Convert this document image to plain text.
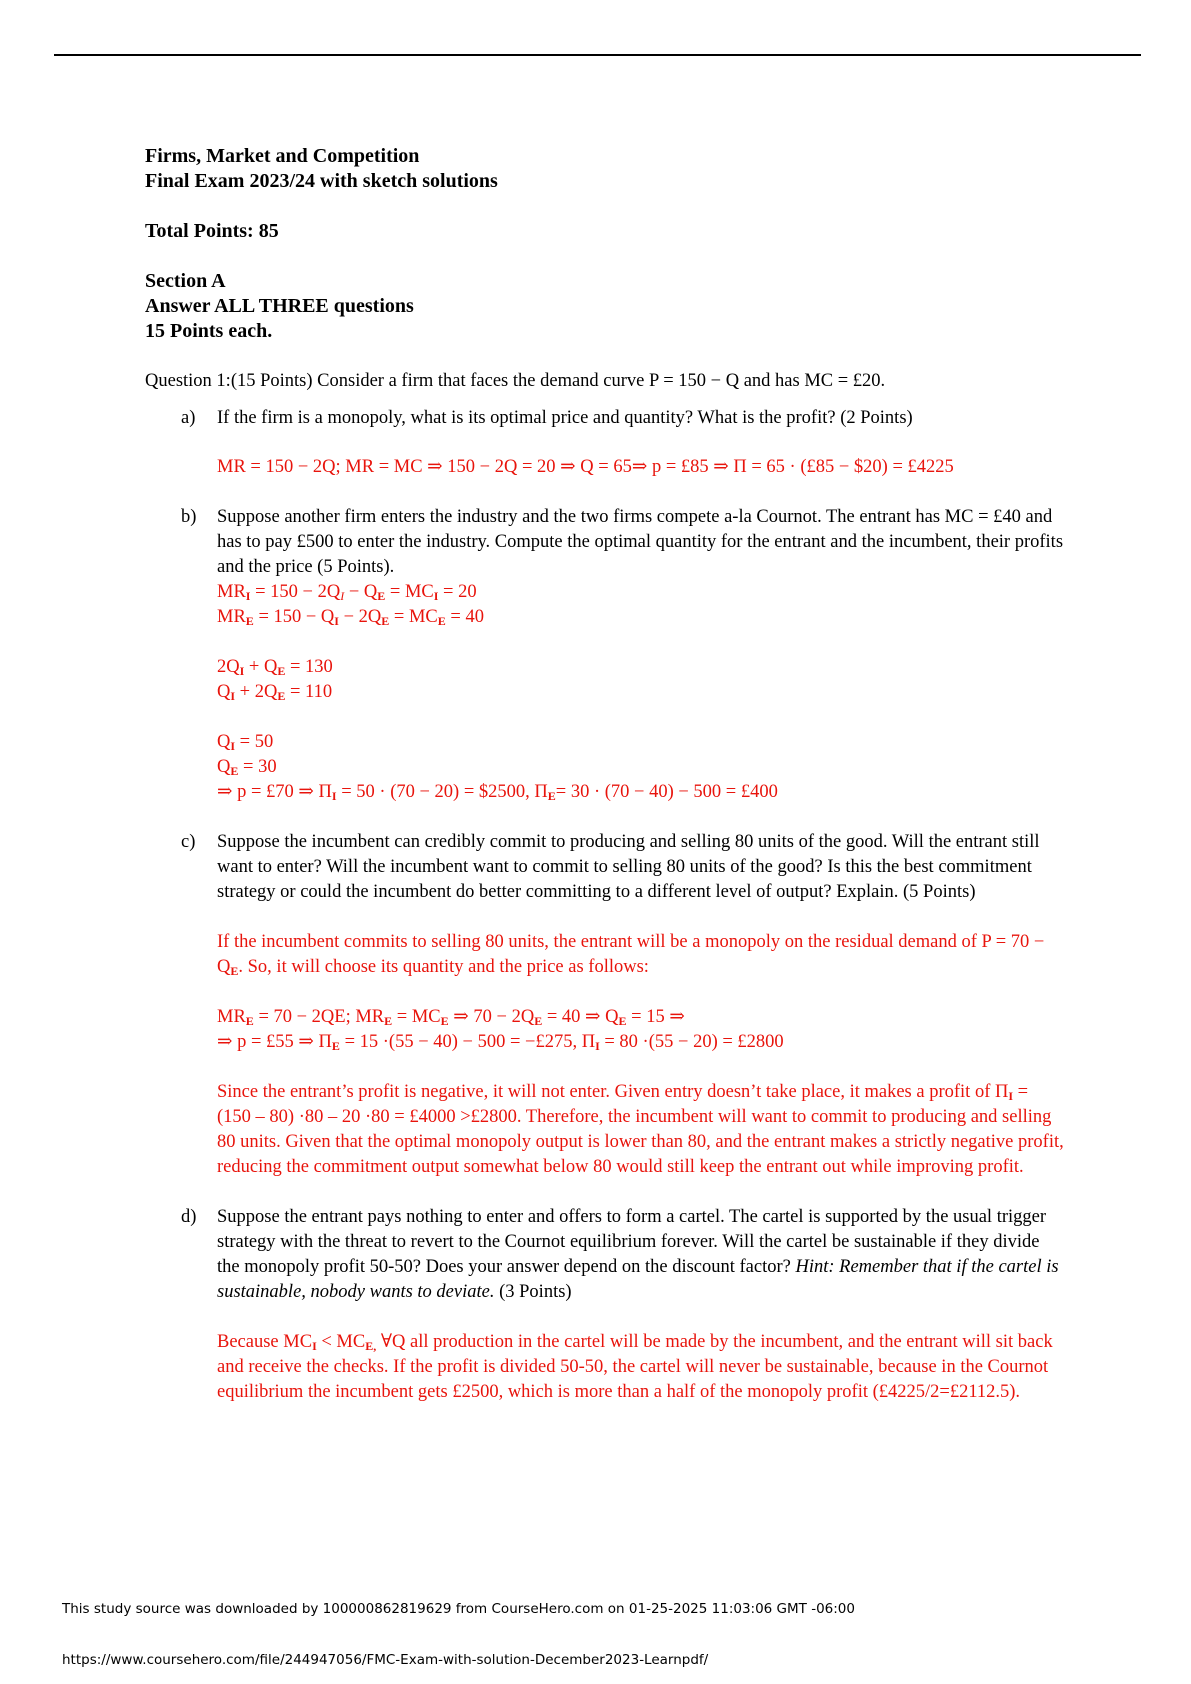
Firms, Market and Competition
Final Exam 2023/24 with sketch solutions
Total Points: 85
Section A
Answer ALL THREE questions
15 Points each.
Question 1:(15 Points) Consider a firm that faces the demand curve P = 150 − Q and has MC = £20.
a) If the firm is a monopoly, what is its optimal price and quantity? What is the profit? (2 Points)

MR = 150 − 2Q; MR = MC ⇒ 150 − 2Q = 20 ⇒ Q = 65⇒ p = £85 ⇒ Π = 65 · (£85 − $20) = £4225

b) Suppose another firm enters the industry and the two firms compete a-la Cournot. The entrant has MC = £40 and has to pay £500 to enter the industry. Compute the optimal quantity for the entrant and the incumbent, their profits and the price (5 Points).

$MR_I = 150 - 2Q_I - Q_E = MC_I = 20$

$MR_E = 150 - Q_I - 2Q_E = MC_E = 40$

$2Q_I + Q_E = 130$

$Q_I + 2Q_E = 110$

$Q_I = 50$

$Q_E = 30$

⇒ p = £70 ⇒ $\Pi_I = 50 \cdot (70 - 20)$ = $2500, $\Pi_E= 30 \cdot (70 - 40) - 500$ = £400

c) Suppose the incumbent can credibly commit to producing and selling 80 units of the good. Will the entrant still want to enter? Will the incumbent want to commit to selling 80 units of the good? Is this the best commitment strategy or could the incumbent do better committing to a different level of output? Explain. (5 Points)

If the incumbent commits to selling 80 units, the entrant will be a monopoly on the residual demand of $P = 70 - Q_E$. So, it will choose its quantity and the price as follows:

$MR_E = 70 - 2QE$; $MR_E = MC_E$ ⇒ $70 - 2Q_E = 40$ ⇒ $Q_E = 15$ ⇒

⇒ p = £55 ⇒ $\Pi_E = 15 \cdot(55 - 40) - 500$ = −£275, $\Pi_I = 80 \cdot(55 - 20)$ = £2800

Since the entrant’s profit is negative, it will not enter. Given entry doesn’t take place, it makes a profit of $\Pi_I = (150 - 80) \cdot 80 - 20 \cdot 80$ = £4000 >£2800. Therefore, the incumbent will want to commit to producing and selling 80 units. Given that the optimal monopoly output is lower than 80, and the entrant makes a strictly negative profit, reducing the commitment output somewhat below 80 would still keep the entrant out while improving profit.

d) Suppose the entrant pays nothing to enter and offers to form a cartel. The cartel is supported by the usual trigger strategy with the threat to revert to the Cournot equilibrium forever. Will the cartel be sustainable if they divide the monopoly profit 50-50? Does your answer depend on the discount factor? Hint: Remember that if the cartel is sustainable, nobody wants to deviate. (3 Points)

Because $MC_I < MC_{E,}$ ∀Q all production in the cartel will be made by the incumbent, and the entrant will sit back and receive the checks. If the profit is divided 50-50, the cartel will never be sustainable, because in the Cournot equilibrium the incumbent gets £2500, which is more than a half of the monopoly profit (£4225/2=£2112.5).

This study source was downloaded by 100000862819629 from CourseHero.com on 01-25-2025 11:03:06 GMT -06:00
https://www.coursehero.com/file/244947056/FMC-Exam-with-solution-December2023-Learnpdf/
